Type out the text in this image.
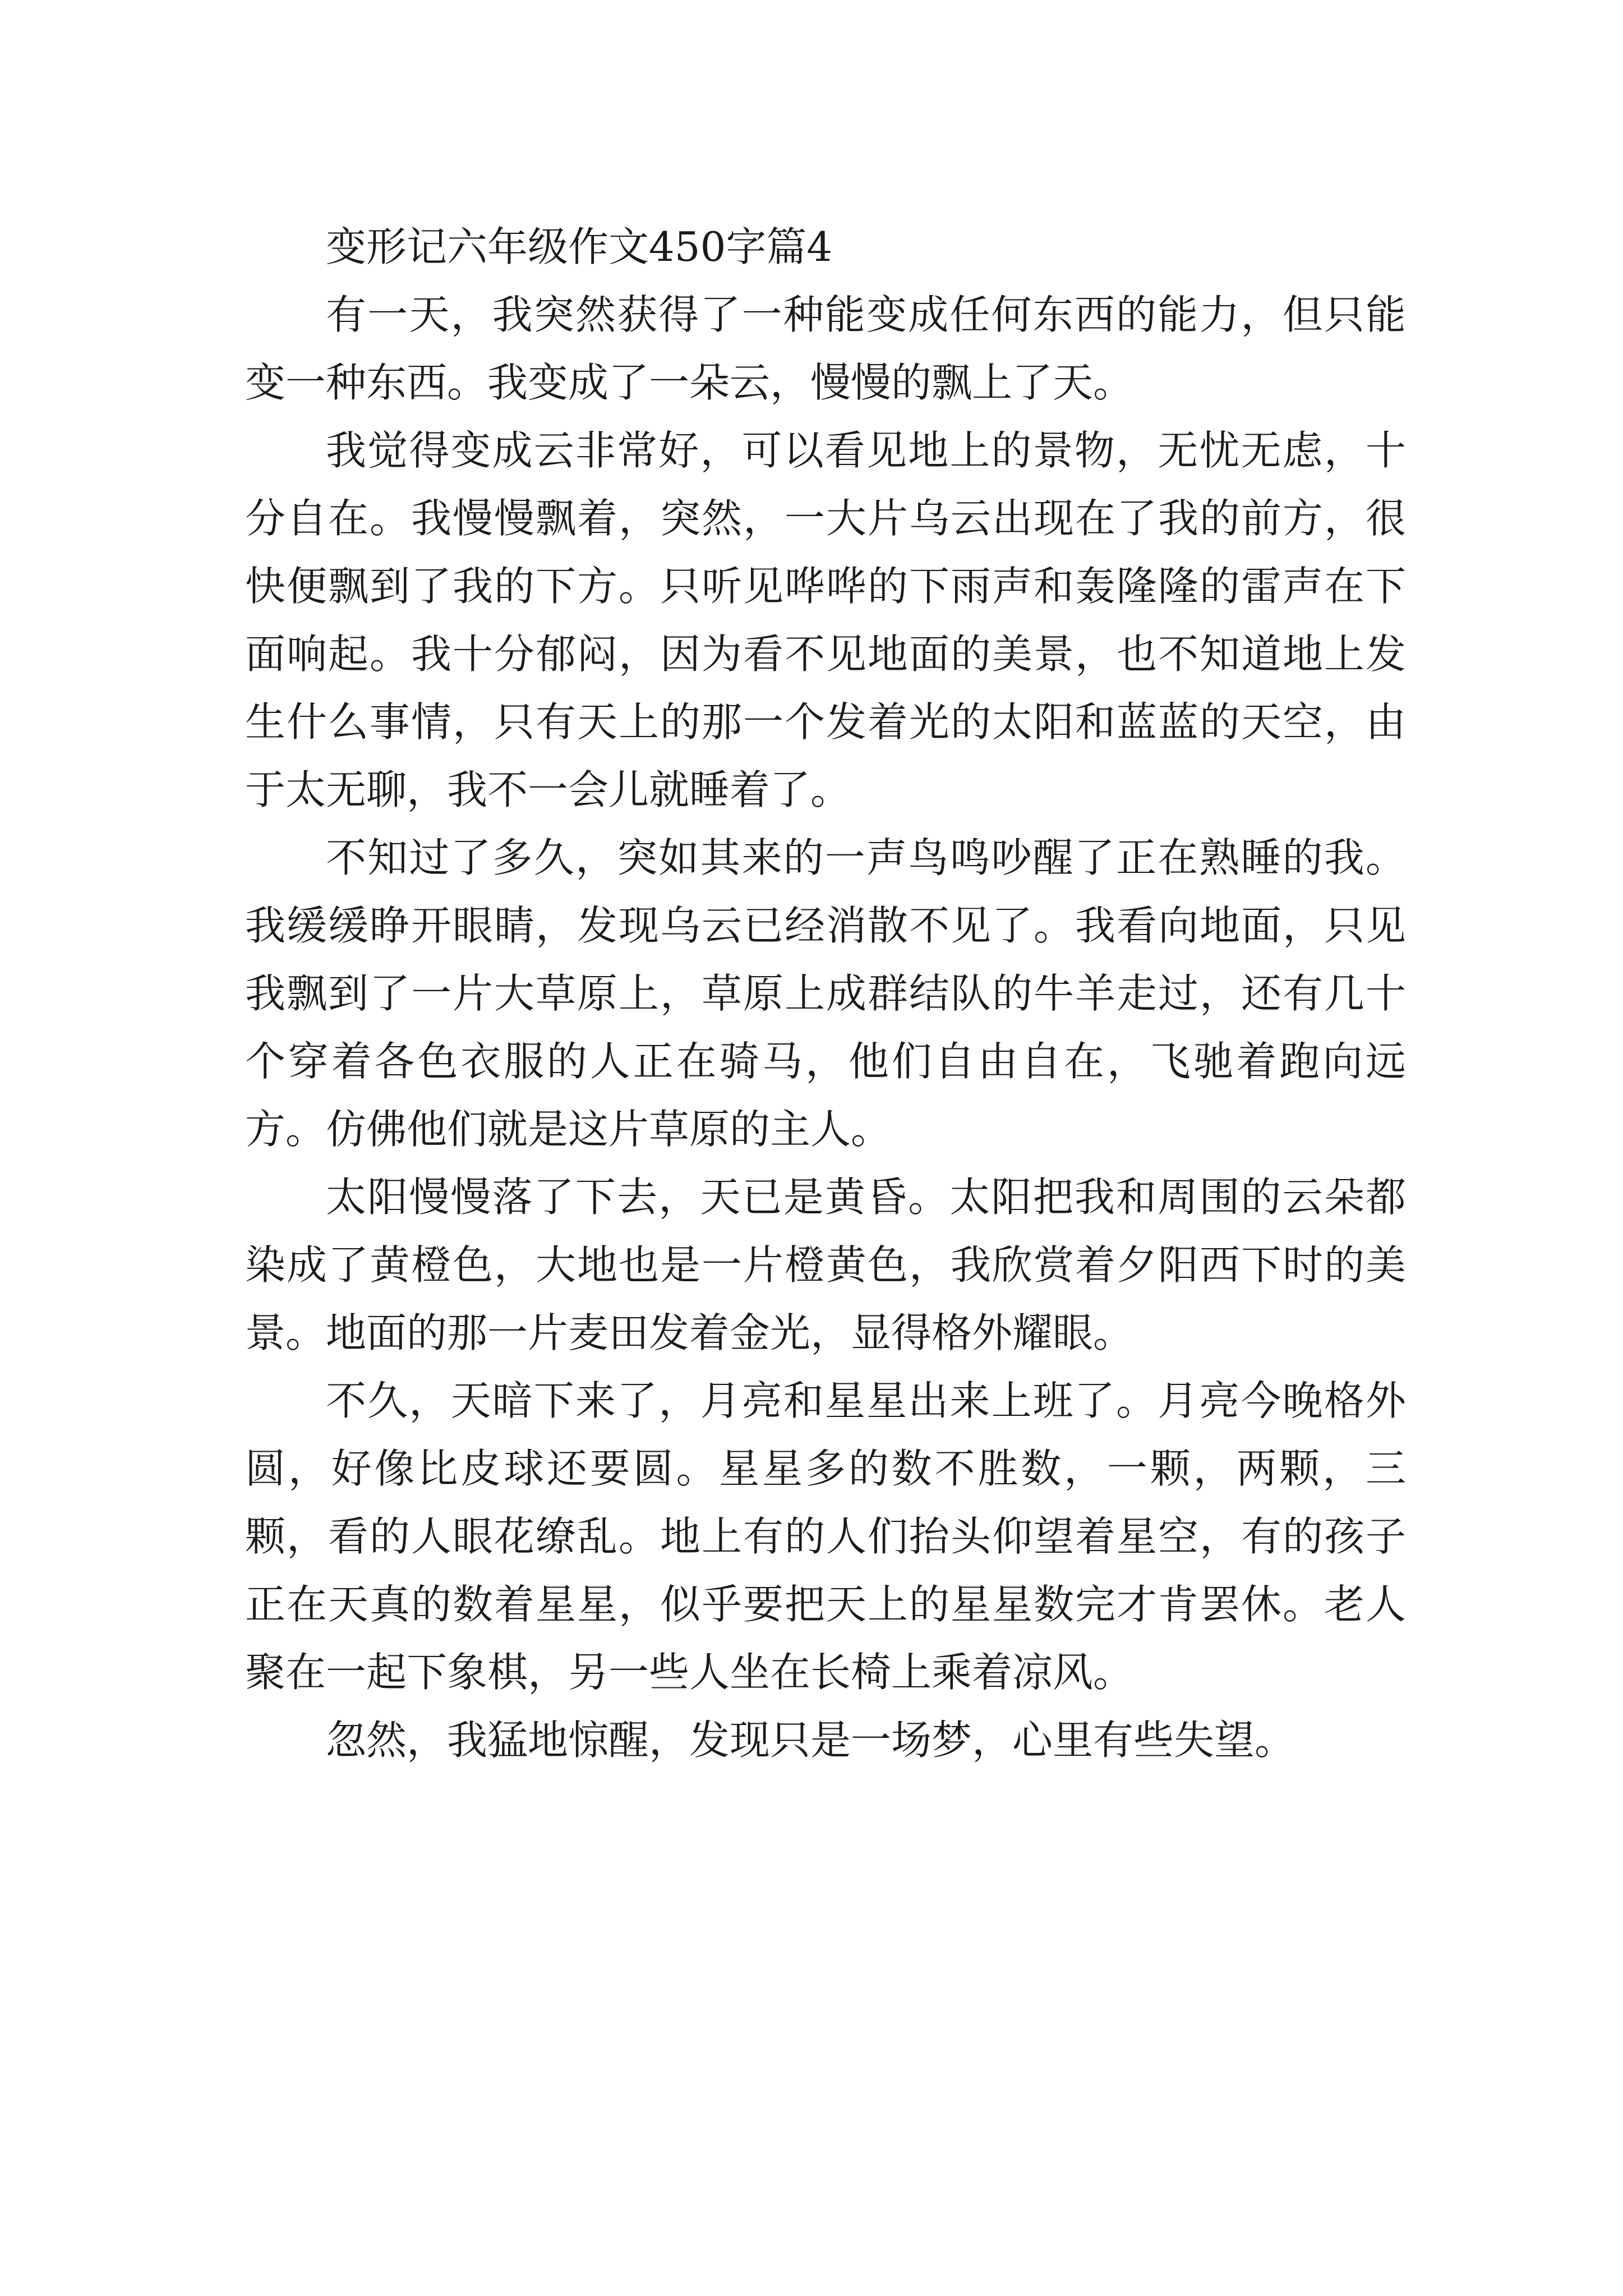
变形记六年级作文450字篇4

有一天，我突然获得了一种能变成任何东西的能力，但只能变一种东西。我变成了一朵云，慢慢的飘上了天。

我觉得变成云非常好，可以看见地上的景物，无忧无虑，十分自在。我慢慢飘着，突然，一大片乌云出现在了我的前方，很快便飘到了我的下方。只听见哗哗的下雨声和轰隆隆的雷声在下面响起。我十分郁闷，因为看不见地面的美景，也不知道地上发生什么事情，只有天上的那一个发着光的太阳和蓝蓝的天空，由于太无聊，我不一会儿就睡着了。

不知过了多久，突如其来的一声鸟鸣吵醒了正在熟睡的我。我缓缓睁开眼睛，发现乌云已经消散不见了。我看向地面，只见我飘到了一片大草原上，草原上成群结队的牛羊走过，还有几十个穿着各色衣服的人正在骑马，他们自由自在，飞驰着跑向远方。仿佛他们就是这片草原的主人。

太阳慢慢落了下去，天已是黄昏。太阳把我和周围的云朵都染成了黄橙色，大地也是一片橙黄色，我欣赏着夕阳西下时的美景。地面的那一片麦田发着金光，显得格外耀眼。

不久，天暗下来了，月亮和星星出来上班了。月亮今晚格外圆，好像比皮球还要圆。星星多的数不胜数，一颗，两颗，三颗，看的人眼花缭乱。地上有的人们抬头仰望着星空，有的孩子正在天真的数着星星，似乎要把天上的星星数完才肯罢休。老人聚在一起下象棋，另一些人坐在长椅上乘着凉风。

忽然，我猛地惊醒，发现只是一场梦，心里有些失望。
